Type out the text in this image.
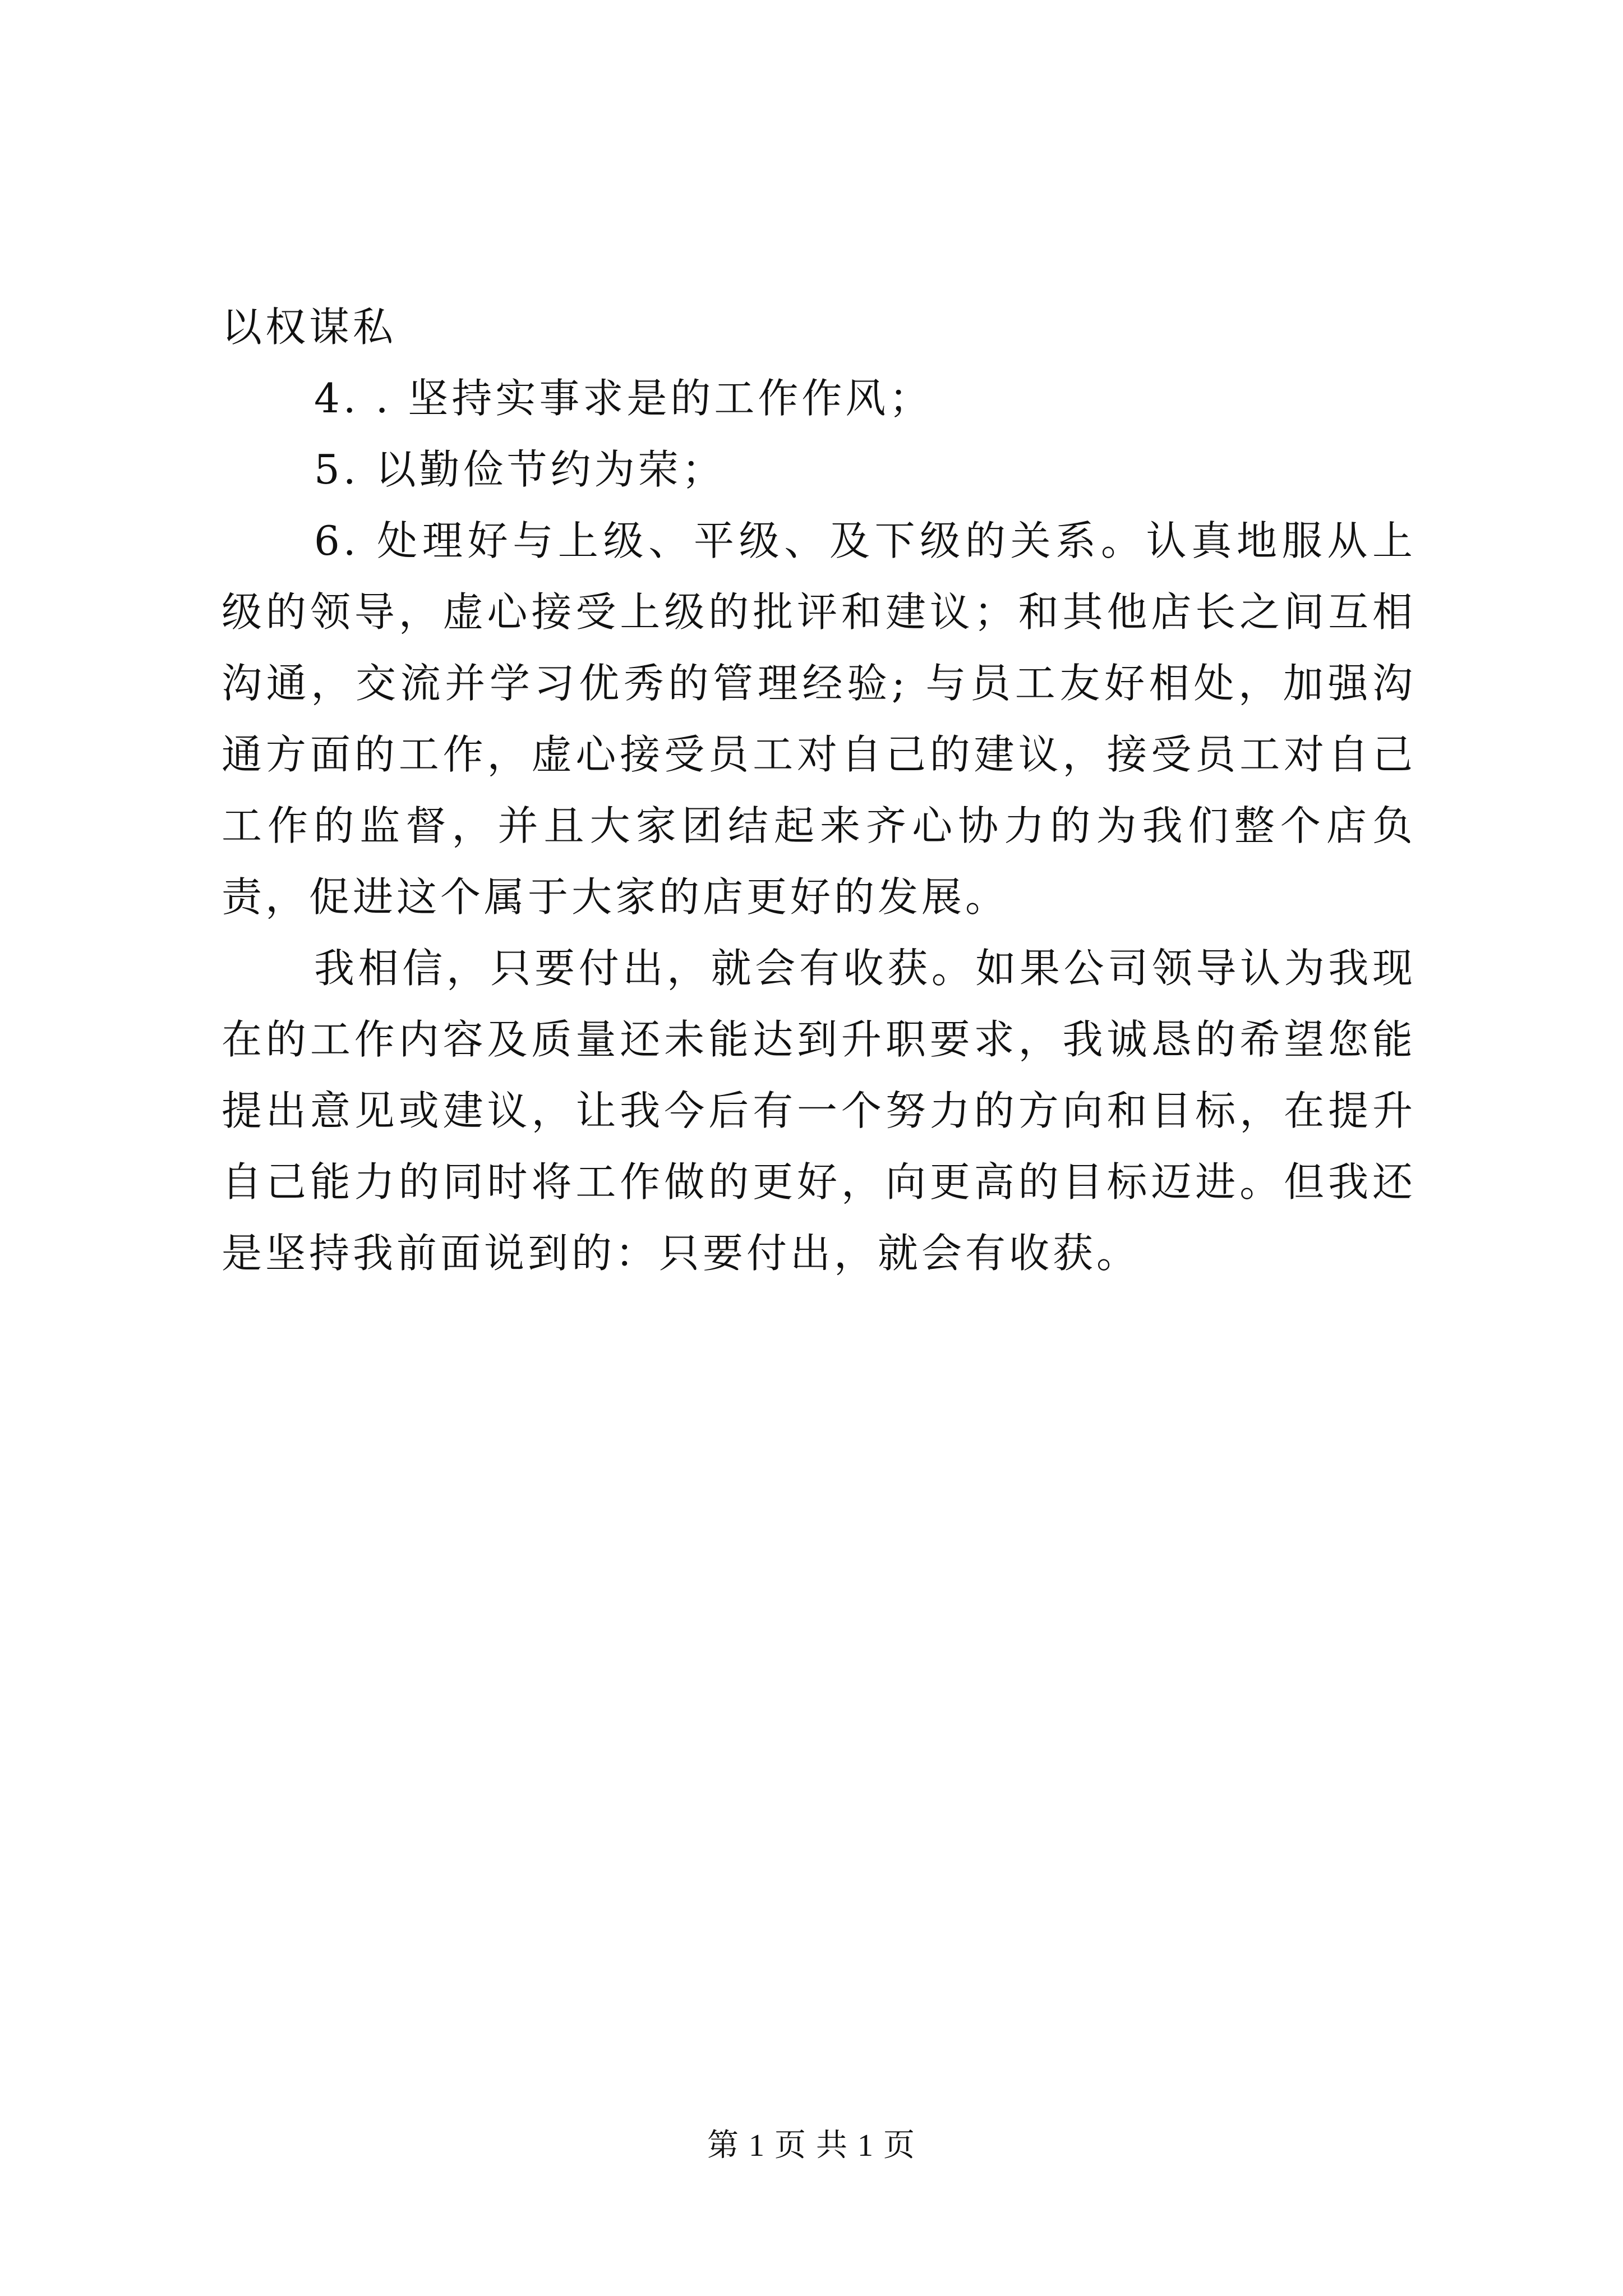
以权谋私

4. . 坚持实事求是的工作作风；

5. 以勤俭节约为荣；

6. 处理好与上级、平级、及下级的关系。认真地服从上级的领导，虚心接受上级的批评和建议；和其他店长之间互相沟通，交流并学习优秀的管理经验; 与员工友好相处，加强沟通方面的工作，虚心接受员工对自己的建议，接受员工对自己工作的监督，并且大家团结起来齐心协力的为我们整个店负责，促进这个属于大家的店更好的发展。

我相信，只要付出，就会有收获。如果公司领导认为我现在的工作内容及质量还未能达到升职要求，我诚恳的希望您能提出意见或建议，让我今后有一个努力的方向和目标，在提升自己能力的同时将工作做的更好，向更高的目标迈进。但我还是坚持我前面说到的：只要付出，就会有收获。

第 1 页 共 1 页
